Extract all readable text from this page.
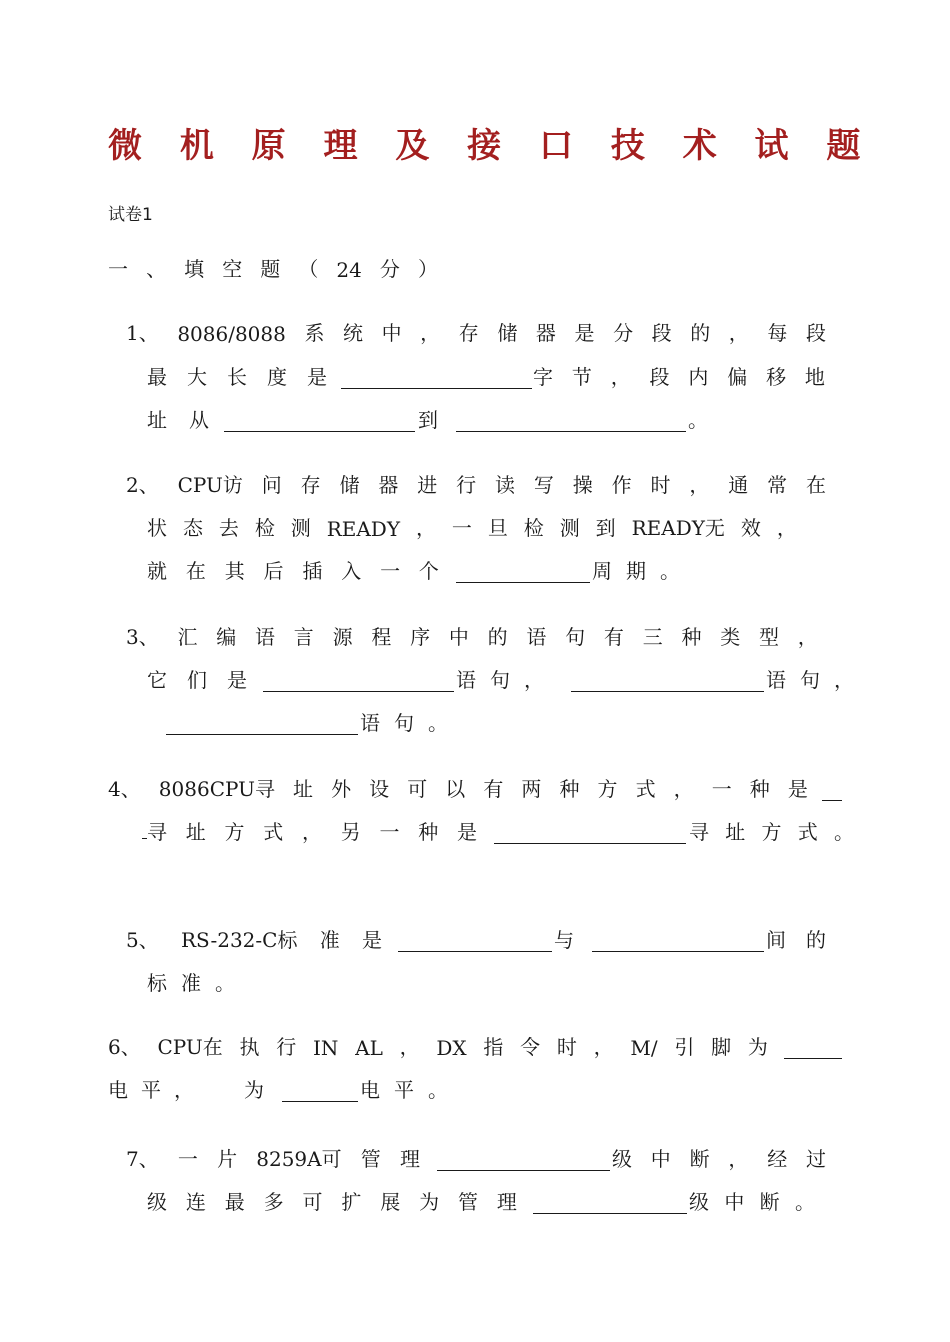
微 机 原 理 及 接 口 技 术 试 题
试卷1
一 、 填 空 题 （ 24 分 ）
1、 8086/8088 系 统 中 ， 存 储 器 是 分 段 的 ， 每 段
最 大 长 度 是	字 节 ， 段 内 偏 移 地
址 从	到	。
2、 CPU访 问 存 储 器 进 行 读 写 操 作 时 ， 通 常 在
状 态 去 检 测 READY ， 一 旦 检 测 到 READY无 效 ，
就 在 其 后 插 入 一 个	周 期 。
3、 汇 编 语 言 源 程 序 中 的 语 句 有 三 种 类 型 ，
它 们 是	语 句 ，	语 句 ，
语 句 。
4、 8086CPU寻 址 外 设 可 以 有 两 种 方 式 ， 一 种 是
寻 址 方 式 ， 另 一 种 是	寻 址 方 式 。
5、 RS-232-C标 准 是	与	间 的
标 准 。
6、 CPU在 执 行 IN AL ， DX 指 令 时 ， M/ 引 脚 为
电 平 ，	为	电 平 。
7、 一 片 8259A可 管 理	级 中 断 ， 经 过
级 连 最 多 可 扩 展 为 管 理	级 中 断 。
